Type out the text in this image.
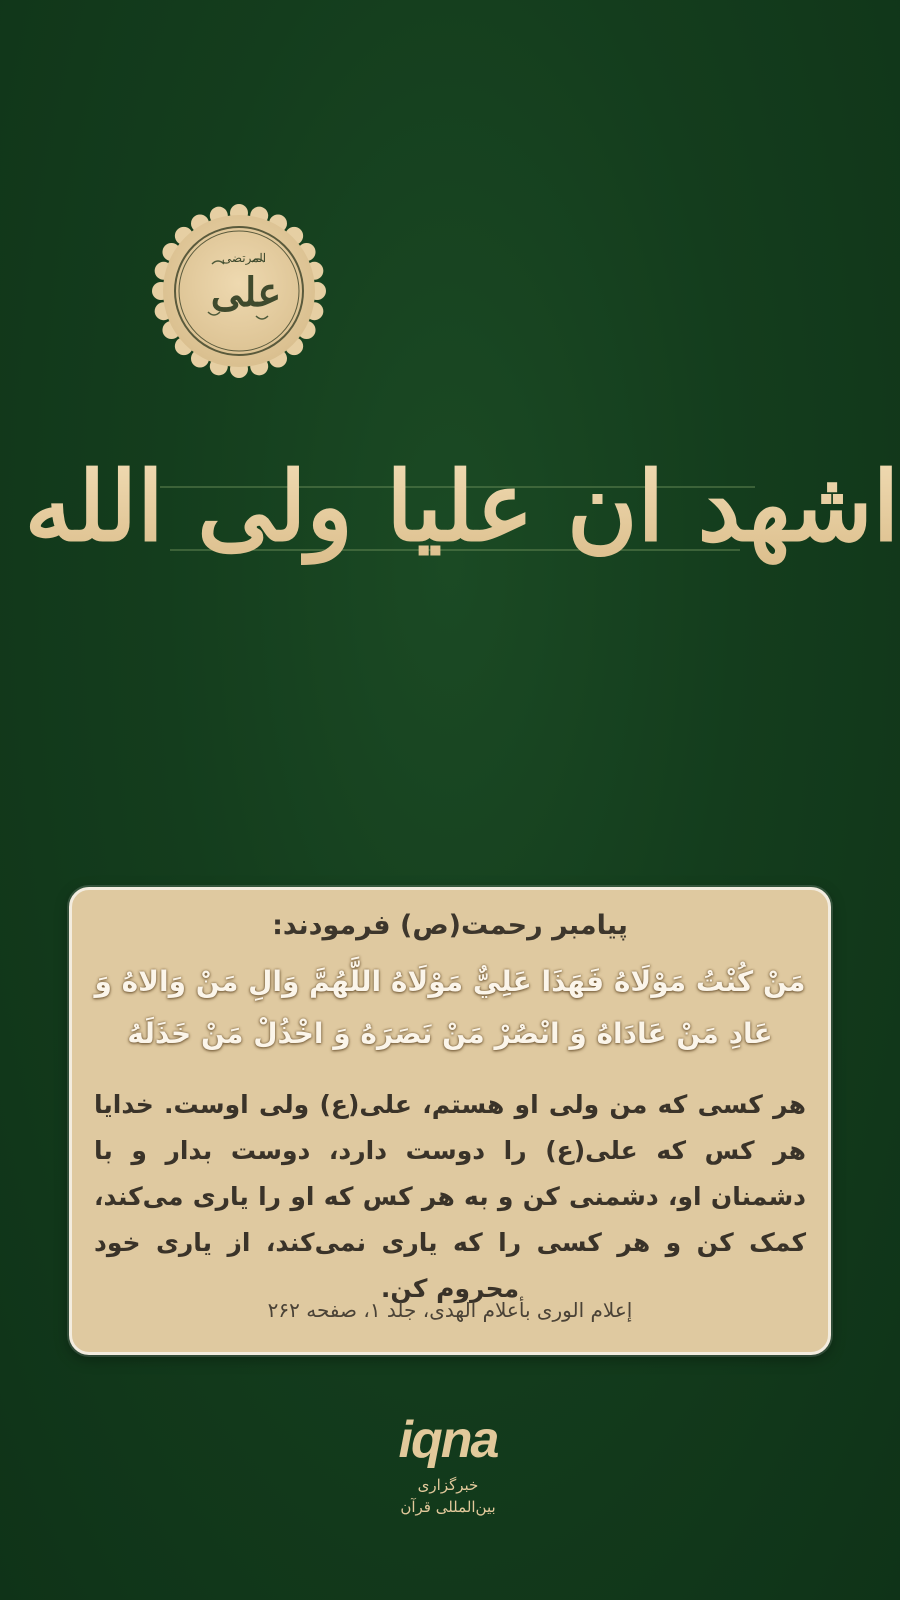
علی
المرتضی
اشهد ان علیا ولی الله
پیامبر رحمت(ص) فرمودند:
مَنْ كُنْتُ مَوْلَاهُ فَهَذَا عَلِيٌّ مَوْلَاهُ اللَّهُمَّ وَالِ مَنْ وَالاهُ وَ عَادِ مَنْ عَادَاهُ وَ انْصُرْ مَنْ نَصَرَهُ وَ اخْذُلْ مَنْ خَذَلَهُ
هر کسی که من ولی او هستم، علی(ع) ولی اوست. خدایا هر کس که علی(ع) را دوست دارد، دوست بدار و با دشمنان او، دشمنی کن و به هر کس که او را یاری می‌کند، کمک کن و هر کسی را که یاری نمی‌کند، از یاری خود محروم کن.
إعلام الوری بأعلام الهدی، جلد ۱، صفحه ۲۶۲
iqna
خبرگزاری بین‌المللی قرآن
